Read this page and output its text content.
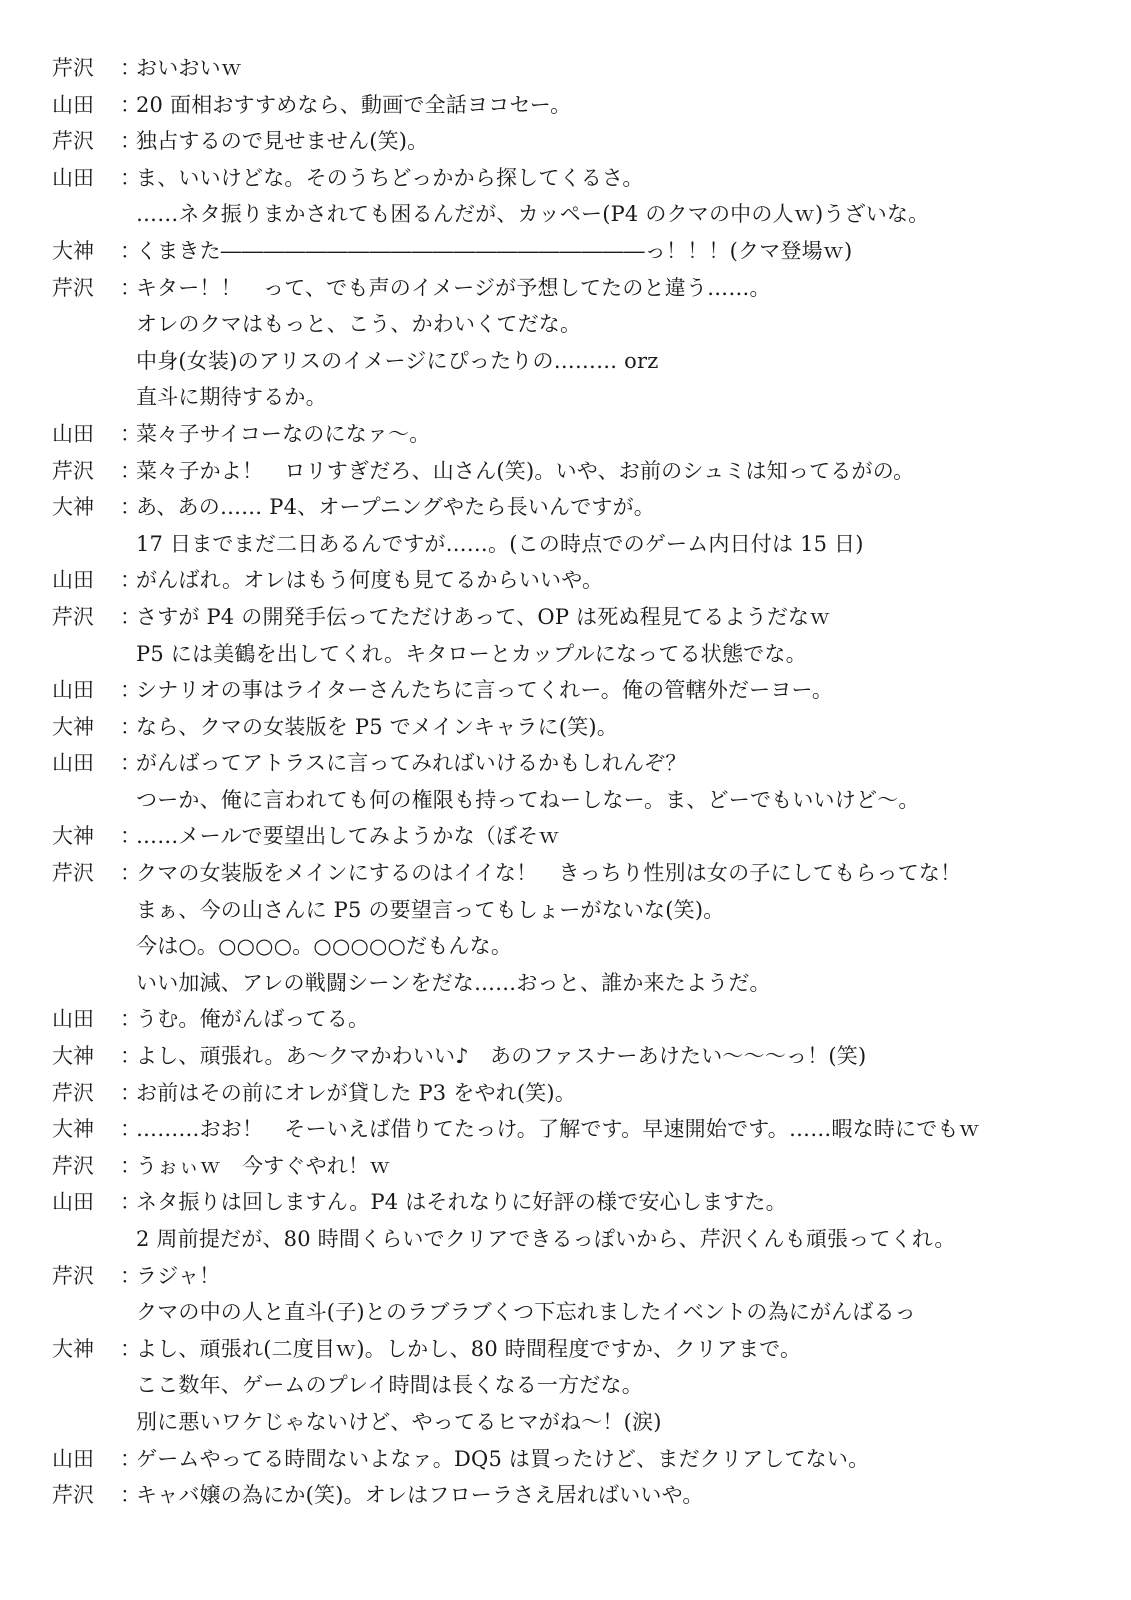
芹沢	：
おいおいｗ
山田	：
20 面相おすすめなら、動画で全話ヨコセー。
芹沢	：
独占するので見せません(笑)。
山田	：
ま、いいけどな。そのうちどっかから探してくるさ。
……ネタ振りまかされても困るんだが、カッペー(P4 のクマの中の人ｗ)うざいな。
大神	：
くまきた――――――――――――――――――――っ！！！(クマ登場ｗ)
芹沢	：
キター！！　って、でも声のイメージが予想してたのと違う……。
オレのクマはもっと、こう、かわいくてだな。
中身(女装)のアリスのイメージにぴったりの……… orz
直斗に期待するか。
山田	：
菜々子サイコーなのになァ～。
芹沢	：
菜々子かよ！　ロリすぎだろ、山さん(笑)。いや、お前のシュミは知ってるがの。
大神	：
あ、あの…… P4、オープニングやたら長いんですが。
17 日までまだ二日あるんですが……。(この時点でのゲーム内日付は 15 日)
山田	：
がんばれ。オレはもう何度も見てるからいいや。
芹沢	：
さすが P4 の開発手伝ってただけあって、OP は死ぬ程見てるようだなｗ
P5 には美鶴を出してくれ。キタローとカップルになってる状態でな。
山田	：
シナリオの事はライターさんたちに言ってくれー。俺の管轄外だーヨー。
大神	：
なら、クマの女装版を P5 でメインキャラに(笑)。
山田	：
がんばってアトラスに言ってみればいけるかもしれんぞ？
つーか、俺に言われても何の権限も持ってねーしなー。ま、どーでもいいけど～。
大神	：
……メールで要望出してみようかな（ぼそｗ
芹沢	：
クマの女装版をメインにするのはイイな！　きっちり性別は女の子にしてもらってな！
まぁ、今の山さんに P5 の要望言ってもしょーがないな(笑)。
今は○。○○○○。○○○○○だもんな。
いい加減、アレの戦闘シーンをだな……おっと、誰か来たようだ。
山田	：
うむ。俺がんばってる。
大神	：
よし、頑張れ。あ～クマかわいい♪　あのファスナーあけたい～～～っ！(笑)
芹沢	：
お前はその前にオレが貸した P3 をやれ(笑)。
大神	：
………おお！　そーいえば借りてたっけ。了解です。早速開始です。……暇な時にでもｗ
芹沢	：
うぉぃｗ　今すぐやれ！ｗ
山田	：
ネタ振りは回しますん。P4 はそれなりに好評の様で安心しますた。
2 周前提だが、80 時間くらいでクリアできるっぽいから、芹沢くんも頑張ってくれ。
芹沢	：
ラジャ！
クマの中の人と直斗(子)とのラブラブくつ下忘れましたイベントの為にがんばるっ
大神	：
よし、頑張れ(二度目ｗ)。しかし、80 時間程度ですか、クリアまで。
ここ数年、ゲームのプレイ時間は長くなる一方だな。
別に悪いワケじゃないけど、やってるヒマがね～！(涙)
山田	：
ゲームやってる時間ないよなァ。DQ5 は買ったけど、まだクリアしてない。
芹沢	：
キャバ嬢の為にか(笑)。オレはフローラさえ居ればいいや。
